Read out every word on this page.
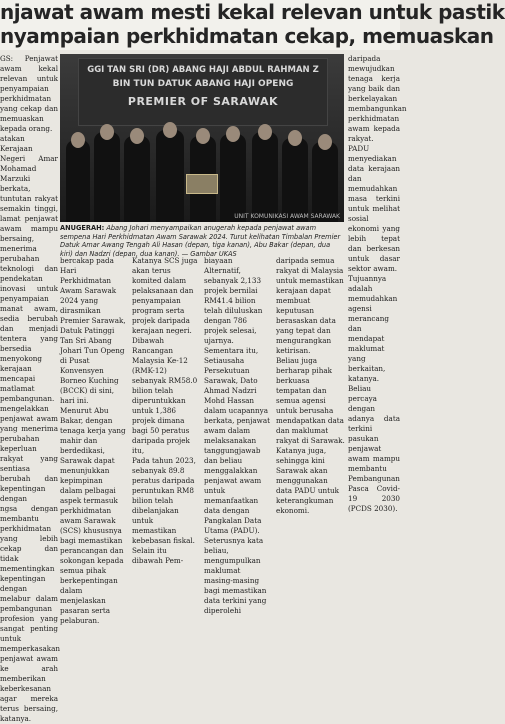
njawat awam mesti kekal relevan untuk pastik
nyampaian perkhidmatan cekap, memuaskan

GS: Penjawat awam kekal relevan untuk penyampaian perkhidmatan yang cekap dan memuaskan kepada orang.

atakan Kerajaan Negeri Amar Mohamad Marzuki berkata, tuntutan rakyat semakin tinggi, lamat penjawat awam mampu bersaing, menerima perubahan teknologi dan pendekatan inovasi untuk penyampaian

manat awam, sedia berubah dan menjadi tentera yang bersedia menyokong kerajaan mencapai matlamat pembangunan.

mengelakkan penjawat awam yang menerima perubahan keperluan rakyat yang sentiasa berubah dan kepentingan dengan

ngsa dengan membantu perkhidmatan yang lebih cekap dan tidak mementingkan kepentingan

dengan melabur dalam pembangunan profesion yang sangat penting untuk memperkasakan penjawat awam ke arah memberikan keberkesanan agar mereka terus bersaing, katanya.

GGI TAN SRI (DR) ABANG HAJI ABDUL RAHMAN Z
BIN TUN DATUK ABANG HAJI OPENG
PREMIER OF SARAWAK
UNIT KOMUNIKASI AWAM SARAWAK
ANUGERAH: Abang Johari menyampaikan anugerah kepada penjawat awam sempena Hari Perkhidmatan Awam Sarawak 2024. Turut kelihatan Timbalan Premier Datuk Amar Awang Tengah Ali Hasan (depan, tiga kanan), Abu Bakar (depan, dua kiri) dan Nadzri (depan, dua kanan). — Gambar UKAS

bercakap pada Hari Perkhidmatan Awam Sarawak 2024 yang dirasmikan Premier Sarawak, Datuk Patinggi Tan Sri Abang Johari Tun Openg di Pusat Konvensyen Borneo Kuching (BCCK) di sini, hari ini.

Menurut Abu Bakar, dengan tenaga kerja yang mahir dan berdedikasi, Sarawak dapat menunjukkan kepimpinan dalam pelbagai aspek termasuk perkhidmatan awam Sarawak (SCS) khususnya bagi memastikan perancangan dan sokongan kepada semua pihak berkepentingan dalam menjelaskan pasaran serta pelaburan.

Katanya SCS juga akan terus komited dalam pelaksanaan dan penyampaian program serta projek daripada kerajaan negeri.

Dibawah Rancangan Malaysia Ke-12 (RMK-12) sebanyak RM58.0 bilion telah diperuntukkan untuk 1,386 projek dimana bagi 50 peratus daripada projek itu,

Pada tahun 2023, sebanyak 89.8 peratus daripada peruntukan RM8 bilion telah dibelanjakan untuk memastikan kebebasan fiskal.

Selain itu dibawah Pem-

biayaan Alternatif, sebanyak 2,133 projek bernilai RM41.4 bilion telah diluluskan dengan 786 projek selesai, ujarnya.

Sementara itu, Setiausaha Persekutuan Sarawak, Dato Ahmad Nadzri Mohd Hassan dalam ucapannya berkata, penjawat awam dalam melaksanakan tanggungjawab dan beliau menggalakkan penjawat awam untuk memanfaatkan data dengan Pangkalan Data Utama (PADU).

Seterusnya kata beliau, mengumpulkan maklumat masing-masing bagi memastikan data terkini yang diperolehi

daripada semua rakyat di Malaysia untuk memastikan kerajaan dapat membuat keputusan berasaskan data yang tepat dan mengurangkan ketirisan.

Beliau juga berharap pihak berkuasa tempatan dan semua agensi untuk berusaha mendapatkan data dan maklumat rakyat di Sarawak.

Katanya juga, sehingga kini Sarawak akan menggunakan data PADU untuk keterangkuman ekonomi.

daripada mewujudkan tenaga kerja yang baik dan berkelayakan membangunkan perkhidmatan awam kepada rakyat.

PADU menyediakan data kerajaan dan memudahkan masa terkini untuk melihat sosial ekonomi yang lebih tepat dan berkesan untuk dasar sektor awam.

Tujuannya adalah memudahkan agensi merancang dan mendapat maklumat yang berkaitan, katanya.

Beliau percaya dengan adanya data terkini pasukan penjawat awam mampu membantu Pembangunan Pasca Covid-19 2030 (PCDS 2030).
